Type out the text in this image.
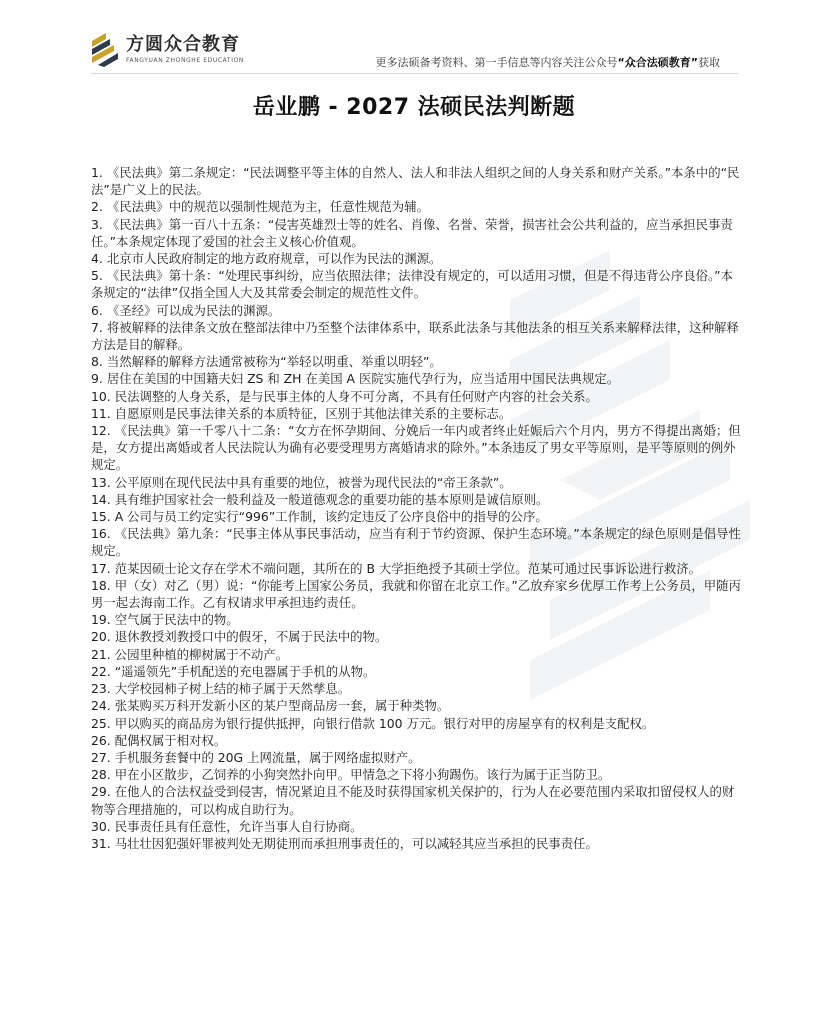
方圆众合教育
FANGYUAN ZHONGHE EDUCATION	更多法硕备考资料、第一手信息等内容关注公众号“众合法硕教育”获取
岳业鹏 - 2027 法硕民法判断题
1. 《民法典》第二条规定：“民法调整平等主体的自然人、法人和非法人组织之间的人身关系和财产关系。”本条中的“民法”是广义上的民法。
2. 《民法典》中的规范以强制性规范为主，任意性规范为辅。
3. 《民法典》第一百八十五条：“侵害英雄烈士等的姓名、肖像、名誉、荣誉，损害社会公共利益的，应当承担民事责任。”本条规定体现了爱国的社会主义核心价值观。
4. 北京市人民政府制定的地方政府规章，可以作为民法的渊源。
5. 《民法典》第十条：“处理民事纠纷，应当依照法律；法律没有规定的，可以适用习惯，但是不得违背公序良俗。”本条规定的“法律”仅指全国人大及其常委会制定的规范性文件。
6. 《圣经》可以成为民法的渊源。
7. 将被解释的法律条文放在整部法律中乃至整个法律体系中，联系此法条与其他法条的相互关系来解释法律，这种解释方法是目的解释。
8. 当然解释的解释方法通常被称为“举轻以明重、举重以明轻”。
9. 居住在美国的中国籍夫妇 ZS 和 ZH 在美国 A 医院实施代孕行为，应当适用中国民法典规定。
10. 民法调整的人身关系，是与民事主体的人身不可分离，不具有任何财产内容的社会关系。
11. 自愿原则是民事法律关系的本质特征，区别于其他法律关系的主要标志。
12. 《民法典》第一千零八十二条：“女方在怀孕期间、分娩后一年内或者终止妊娠后六个月内，男方不得提出离婚；但是，女方提出离婚或者人民法院认为确有必要受理男方离婚请求的除外。”本条违反了男女平等原则，是平等原则的例外规定。
13. 公平原则在现代民法中具有重要的地位，被誉为现代民法的“帝王条款”。
14. 具有维护国家社会一般利益及一般道德观念的重要功能的基本原则是诚信原则。
15. A 公司与员工约定实行“996”工作制，该约定违反了公序良俗中的指导的公序。
16. 《民法典》第九条：“民事主体从事民事活动，应当有利于节约资源、保护生态环境。”本条规定的绿色原则是倡导性规定。
17. 范某因硕士论文存在学术不端问题，其所在的 B 大学拒绝授予其硕士学位。范某可通过民事诉讼进行救济。
18. 甲（女）对乙（男）说：“你能考上国家公务员，我就和你留在北京工作。”乙放弃家乡优厚工作考上公务员，甲随丙男一起去海南工作。乙有权请求甲承担违约责任。
19. 空气属于民法中的物。
20. 退休教授刘教授口中的假牙，不属于民法中的物。
21. 公园里种植的柳树属于不动产。
22. “遥遥领先”手机配送的充电器属于手机的从物。
23. 大学校园柿子树上结的柿子属于天然孳息。
24. 张某购买万科开发新小区的某户型商品房一套，属于种类物。
25. 甲以购买的商品房为银行提供抵押，向银行借款 100 万元。银行对甲的房屋享有的权利是支配权。
26. 配偶权属于相对权。
27. 手机服务套餐中的 20G 上网流量，属于网络虚拟财产。
28. 甲在小区散步，乙饲养的小狗突然扑向甲。甲情急之下将小狗踢伤。该行为属于正当防卫。
29. 在他人的合法权益受到侵害，情况紧迫且不能及时获得国家机关保护的，行为人在必要范围内采取扣留侵权人的财物等合理措施的，可以构成自助行为。
30. 民事责任具有任意性，允许当事人自行协商。
31. 马壮壮因犯强奸罪被判处无期徒刑而承担刑事责任的，可以减轻其应当承担的民事责任。
